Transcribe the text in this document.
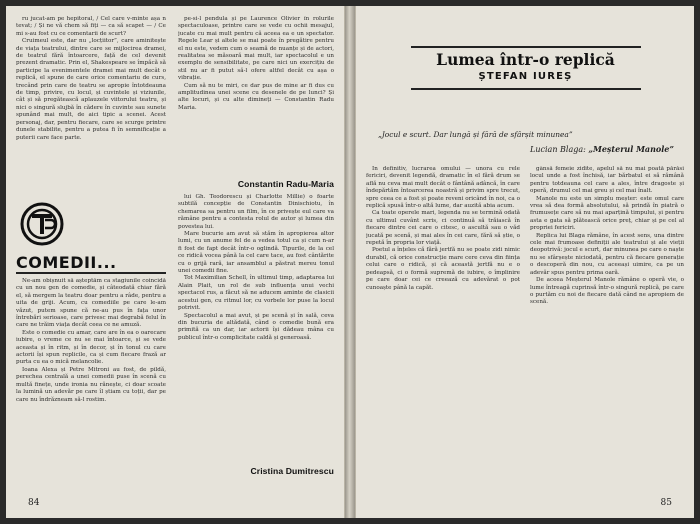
ru jucat-am pe hepitoral, / Cel care v-minte așa n tevat; / Și ne vă chem să fiți — ca să scapet — / Ce mi s-au fost cu ce comentarii de scurt?

Cruimeul este, dar nu „locțiitor”, care aminitește de viața teatrului, dintre care se mijlocirea dramei, de teatrul fără întoarcere, față de cel devenit prezent dramatic. Prin el, Shakespeare se împăcă să participe la evenimentele dramei mai mult decât o replică, el spune de care orice comentariu de curs, trecând prin care de teatru se apropie întotdeauna de timp, privire, cu locul, și cuvintele și viziunile, cât și să pregătească aplauzele viitorului teatru, și nici o singură slujbă în cădere în cuvinte sau sunete spunând mai mult, de aici tipic a scenei. Acest personaj, dar, pentru fiecare, care se scurge printre dunele stabilite, pentru a putea fi în semnificație a puterii care face parte.

pe-si-l pendula și pe Laurence Olivier în rolurile spectaculoase, printre care se vede cu ochii mesajul, jucate cu mai mult pentru că aceea ea e un spectator. Regele Lear și altele se mai poate în pregătire pentru el nu este, vedem cum o seamă de nuanțe și de actori, realitatea se măsoară mai mult, iar spectacolul e un exemplu de sensibilitate, pe care nici un exercițiu de stil nu ar fi putut să-l ofere altfel decât cu așa o vibrație.

Cum să nu te miri, ce dar pus de mine ar fi dus cu amplitudinea unei scene cu desenele de pe lunci? Și alte locuri, și cu alte dimineți — Constantin Radu Maria.

Constantin Radu-Maria
COMEDII...

Ne-am obișnuit să așteptăm ca stagiunile coincidă cu un nou gen de comedie, și câteodată chiar fără el, să mergem la teatru doar pentru a râde, pentru a uita de griji. Acum, cu comediile pe care le-am văzut, putem spune că ne-au pus în fața unor întrebări serioase, care privesc mai degrabă felul în care ne trăim viața decât ceea ce ne amuză.

Este o comedie cu amar, care are în ea o oarecare iubire, o vreme ce nu se mai întoarce, și se vede aceasta și în ritm, și în decor, și în tonul cu care actorii își spun replicile, ca și cum fiecare frază ar purta cu ea o mică melancolie.

Ioana Alexa și Petre Mitroni au fost, de pildă, perechea centrală a unei comedii puse în scenă cu multă finețe, unde ironia nu rănește, ci doar scoate la lumină un adevăr pe care îl știam cu toții, dar pe care nu îndrăzneam să-l rostim.

lui Gh. Teodorescu și Charlotte Millie) o foarte subtilă concepție de Constantin Dinischiotu, în chemarea sa pentru un film, în ce privește eul care va rămâne pentru a contesta rolul de autor și lumea din povestea lui.

Mare bucurie am avut să stăm în apropierea altor lumi, cu un anume fel de a vedea totul ca și cum n-ar fi fost de fapt decât într-o oglindă. Tipurile, de la cel ce ridică vocea până la cel care tace, au fost cântărite cu o grijă rară, iar ansamblul a păstrat mereu tonul unei comedii fine.

Tot Maximilian Schell, în ultimul timp, adaptarea lui Alain Plait, un rol de sub influența unui vechi spectacol rus, a făcut să ne aducem aminte de clasicii acestui gen, cu ritmul lor, cu vorbele lor puse la locul potrivit.

Spectacolul a mai avut, și pe scenă și în sală, ceva din bucuria de altădată, când o comedie bună era primită ca un dar, iar actorii își dădeau mâna cu publicul într-o complicitate caldă și generoasă.

Cristina Dumitrescu
84
Lumea într-o replică
ȘTEFAN IUREȘ
„Jocul e scurt. Dar lungă și fără de sfârșit minunea”
Lucian Blaga: „Meșterul Manole”

În definitiv, lucrarea omului — unora cu rele fericiri, devenit legendă, dramatic în el fără drum se află nu ceva mai mult decât o fântână adâncă, în care îndepărtăm întoarcerea noastră și privim spre trecut, spre ceea ce a fost și poate reveni oricând în noi, ca o replică spusă într-o altă lume, dar auzită abia acum.

Ca toate operele mari, legenda nu se termină odată cu ultimul cuvânt scris, ci continuă să trăiască în fiecare dintre cei care o citesc, o ascultă sau o văd jucată pe scenă, și mai ales în cei care, fără să știe, o repetă în propria lor viață.

Poetul a înțeles că fără jertfă nu se poate zidi nimic durabil, că orice construcție mare cere ceva din ființa celui care o ridică, și că această jertfă nu e o pedeapsă, ci o formă supremă de iubire, o împlinire pe care doar cei ce creează cu adevărat o pot cunoaște până la capăt.

gânsă femeie zidite, apelul să nu mai poată părăsi locul unde a fost închisă, iar bărbatul ei să rămână pentru totdeauna cel care a ales, între dragoste și operă, drumul cel mai greu și cel mai înalt.

Manole nu este un simplu meșter: este omul care vrea să dea formă absolutului, să prindă în piatră o frumusețe care să nu mai aparțină timpului, și pentru asta e gata să plătească orice preț, chiar și pe cel al propriei fericiri.

Replica lui Blaga rămâne, în acest sens, una dintre cele mai frumoase definiții ale teatrului și ale vieții deopotrivă: jocul e scurt, dar minunea pe care o naște nu se sfârșește niciodată, pentru că fiecare generație o descoperă din nou, cu aceeași uimire, ca pe un adevăr spus pentru prima oară.

De aceea Meșterul Manole rămâne o operă vie, o lume întreagă cuprinsă într-o singură replică, pe care o purtăm cu noi de fiecare dată când ne apropiem de scenă.

85
